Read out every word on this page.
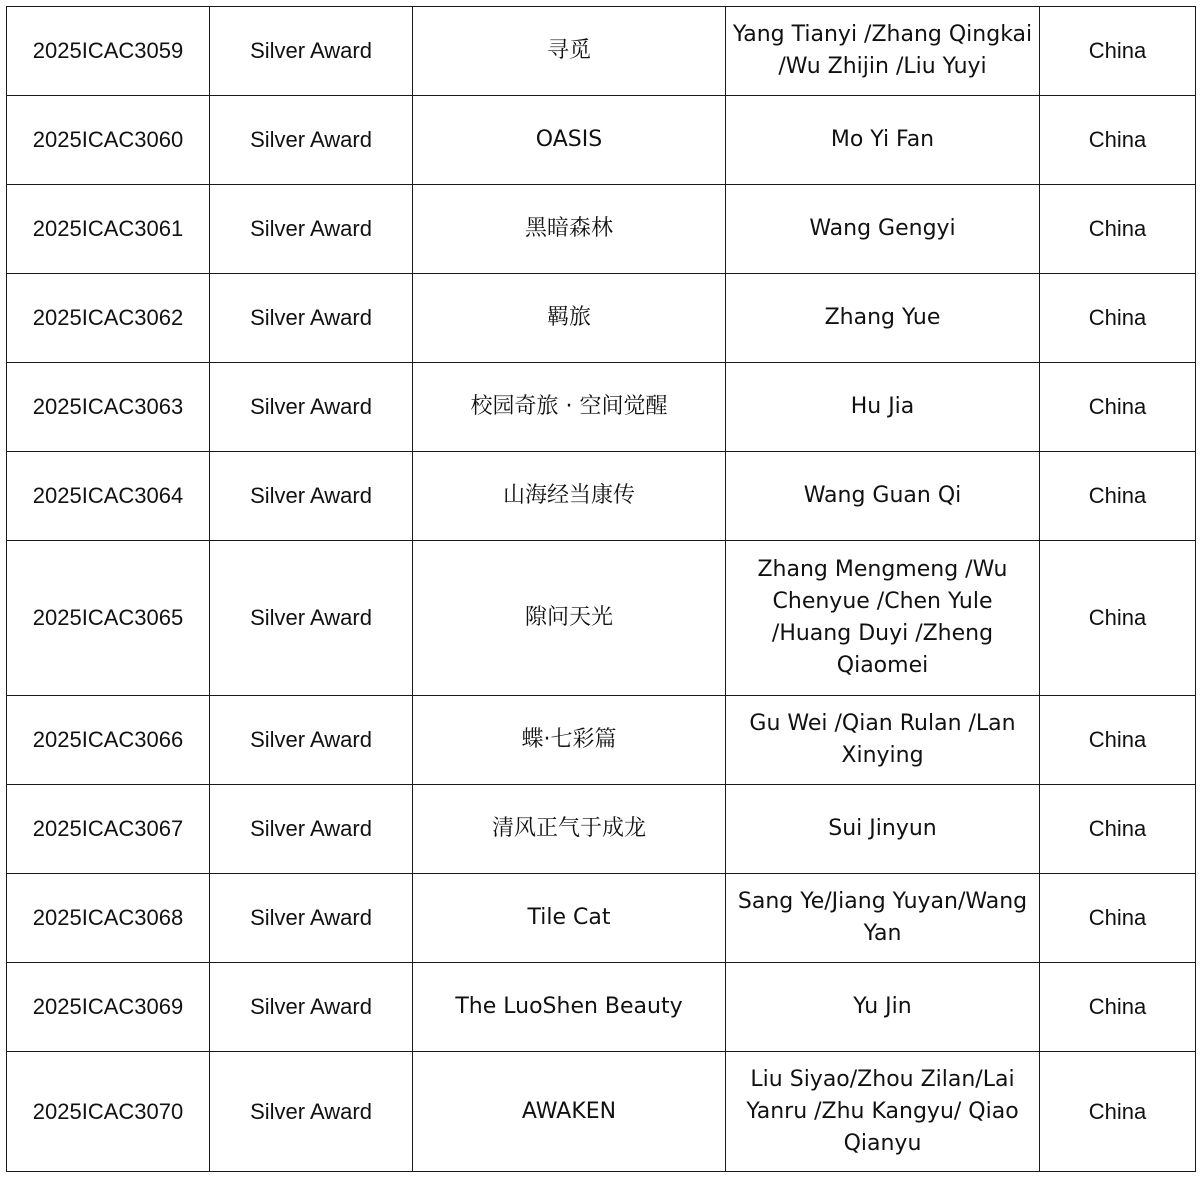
2025ICAC3059	Silver Award	寻觅	Yang Tianyi /Zhang Qingkai /Wu Zhijin /Liu Yuyi	China
2025ICAC3060	Silver Award	OASIS	Mo Yi Fan	China
2025ICAC3061	Silver Award	黑暗森林	Wang Gengyi	China
2025ICAC3062	Silver Award	羁旅	Zhang Yue	China
2025ICAC3063	Silver Award	校园奇旅 · 空间觉醒	Hu Jia	China
2025ICAC3064	Silver Award	山海经当康传	Wang Guan Qi	China
2025ICAC3065	Silver Award	隙问天光	Zhang Mengmeng /Wu Chenyue /Chen Yule /Huang Duyi /Zheng Qiaomei	China
2025ICAC3066	Silver Award	蝶·七彩篇	Gu Wei /Qian Rulan /Lan Xinying	China
2025ICAC3067	Silver Award	清风正气于成龙	Sui Jinyun	China
2025ICAC3068	Silver Award	Tile Cat	Sang Ye/Jiang Yuyan/Wang Yan	China
2025ICAC3069	Silver Award	The LuoShen Beauty	Yu Jin	China
2025ICAC3070	Silver Award	AWAKEN	Liu Siyao/Zhou Zilan/Lai Yanru /Zhu Kangyu/ Qiao Qianyu	China
